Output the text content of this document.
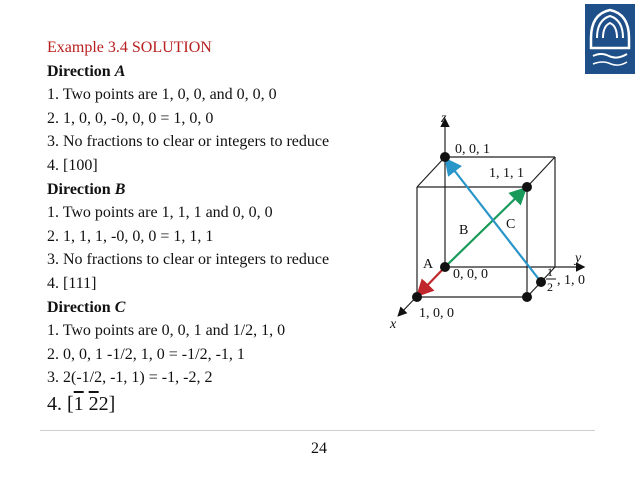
Example 3.4 SOLUTION
Direction A
1. Two points are 1, 0, 0, and 0, 0, 0
2. 1, 0, 0, -0, 0, 0 = 1, 0, 0
3. No fractions to clear or integers to reduce
4. [100]
Direction B
1. Two points are 1, 1, 1 and 0, 0, 0
2. 1, 1, 1, -0, 0, 0 = 1, 1, 1
3. No fractions to clear or integers to reduce
4. [111]
Direction C
1. Two points are 0, 0, 1 and 1/2, 1, 0
2. 0, 0, 1 -1/2, 1, 0 = -1/2, -1, 1
3. 2(-1/2, -1, 1) = -1, -2, 2
4. [1 22]
z
y
x
0, 0, 1
1, 1, 1
0, 0, 0
1, 0, 0
1
2 , 1, 0
A
B	C
24
